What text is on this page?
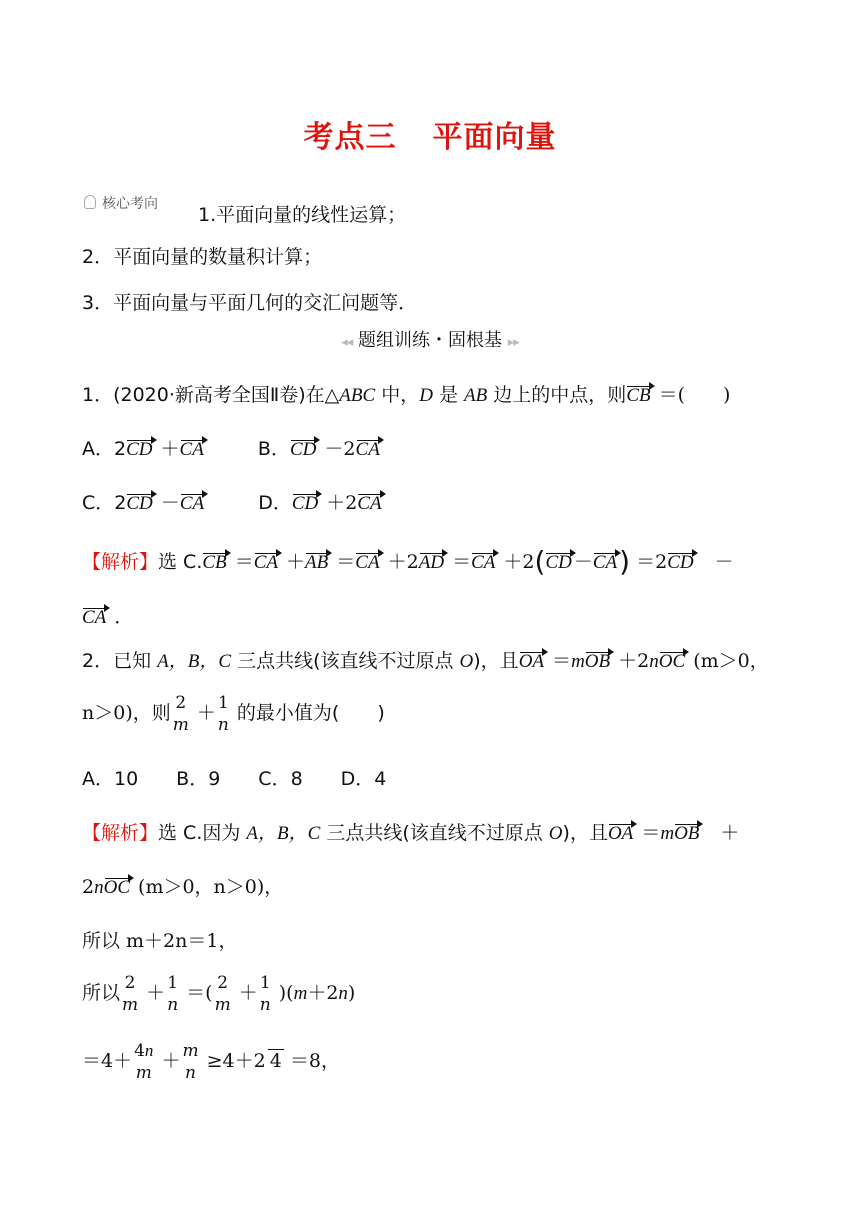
考点三 平面向量
核心考向 1.平面向量的线性运算；
2．平面向量的数量积计算；
3．平面向量与平面几何的交汇问题等．
◂◂ 题组训练・固根基 ▸▸
1．(2020·新高考全国Ⅱ卷)在△ABC 中，D 是 AB 边上的中点，则CB ＝(　　)
A．2CD ＋CA	B．CD －2CA
C．2CD －CA	D．CD ＋2CA
【解析】选 C.CB ＝CA ＋AB ＝CA ＋2AD ＝CA ＋2(CD －CA) ＝2CD　－
CA ．
2．已知 A，B，C 三点共线(该直线不过原点 O)，且OA ＝mOB ＋2nOC (m＞0，
n＞0)，则 2
m
＋ 1
n
的最小值为(　　)
A．10　　B．9　　C．8　　D．4
【解析】选 C.因为 A，B，C 三点共线(该直线不过原点 O)，且OA ＝mOB　＋
2nOC (m＞0，n＞0)，
所以 m＋2n＝1，
所以 2
m
＋ 1
n
＝( 2
m
＋ 1
n
)(m＋2n)
＝4＋ 4n
m
＋ m
n
≥4＋2 4 ＝8，
